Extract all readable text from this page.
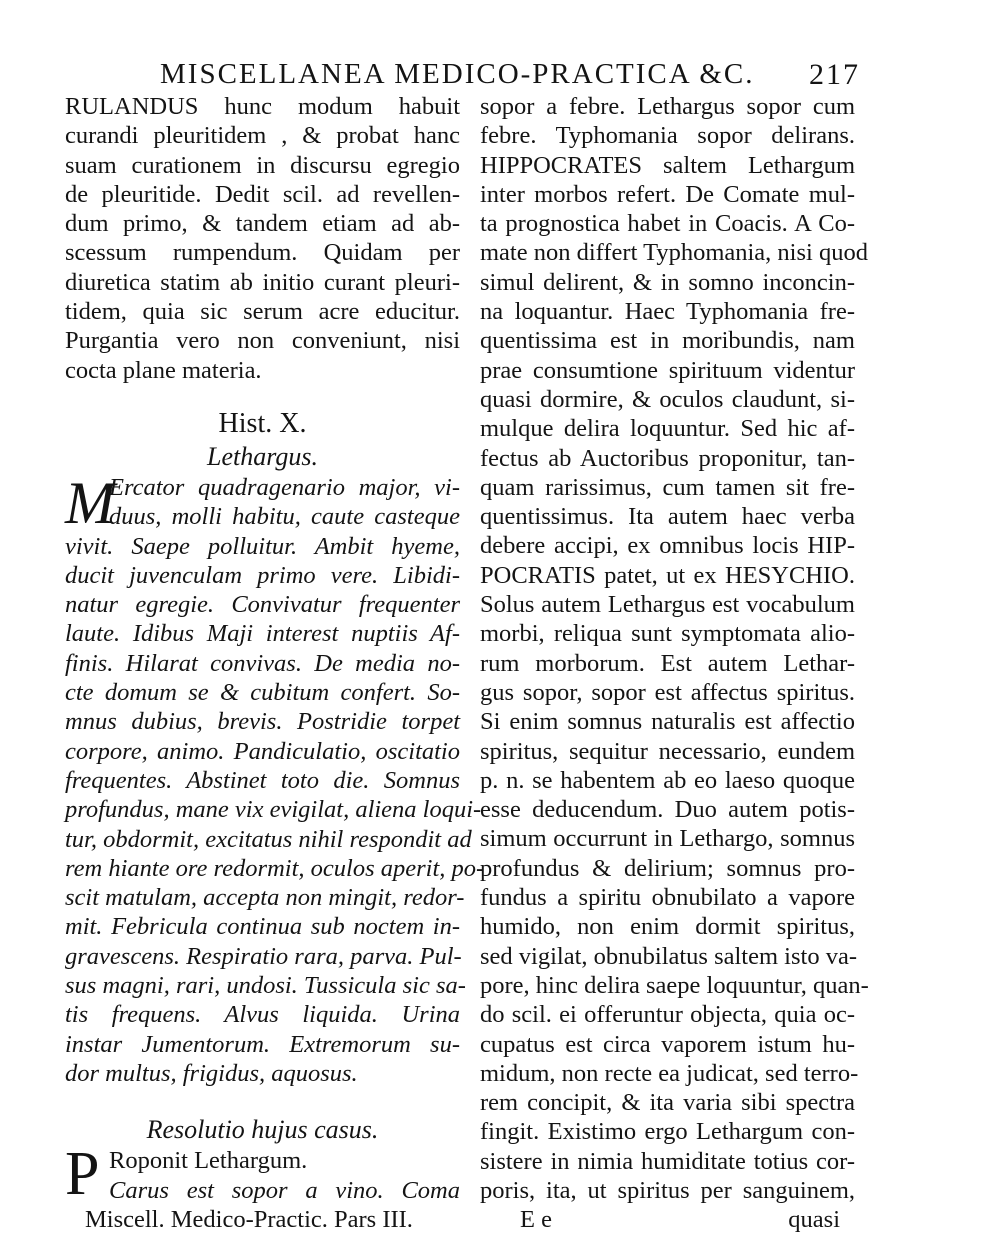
MISCELLANEA MEDICO-PRACTICA &C. 217
RULANDUS hunc modum habuit
curandi pleuritidem , & probat hanc
suam curationem in discursu egregio
de pleuritide. Dedit scil. ad revellen-
dum primo, & tandem etiam ad ab-
scessum rumpendum. Quidam per
diuretica statim ab initio curant pleuri-
tidem, quia sic serum acre educitur.
Purgantia vero non conveniunt, nisi
cocta plane materia.
Hist. X.
Lethargus.
M
Ercator quadragenario major, vi-
duus, molli habitu, caute casteque
vivit. Saepe polluitur. Ambit hyeme,
ducit juvenculam primo vere. Libidi-
natur egregie. Convivatur frequenter
laute. Idibus Maji interest nuptiis Af-
finis. Hilarat convivas. De media no-
cte domum se & cubitum confert. So-
mnus dubius, brevis. Postridie torpet
corpore, animo. Pandiculatio, oscitatio
frequentes. Abstinet toto die. Somnus
profundus, mane vix evigilat, aliena loqui-
tur, obdormit, excitatus nihil respondit ad
rem hiante ore redormit, oculos aperit, po-
scit matulam, accepta non mingit, redor-
mit. Febricula continua sub noctem in-
gravescens. Respiratio rara, parva. Pul-
sus magni, rari, undosi. Tussicula sic sa-
tis frequens. Alvus liquida. Urina
instar Jumentorum. Extremorum su-
dor multus, frigidus, aquosus.
Resolutio hujus casus.
P Roponit Lethargum.
Carus est sopor a vino. Coma
Miscell. Medico-Practic. Pars III.
sopor a febre. Lethargus sopor cum
febre. Typhomania sopor delirans.
HIPPOCRATES saltem Lethargum
inter morbos refert. De Comate mul-
ta prognostica habet in Coacis. A Co-
mate non differt Typhomania, nisi quod
simul delirent, & in somno inconcin-
na loquantur. Haec Typhomania fre-
quentissima est in moribundis, nam
prae consumtione spirituum videntur
quasi dormire, & oculos claudunt, si-
mulque delira loquuntur. Sed hic af-
fectus ab Auctoribus proponitur, tan-
quam rarissimus, cum tamen sit fre-
quentissimus. Ita autem haec verba
debere accipi, ex omnibus locis HIP-
POCRATIS patet, ut ex HESYCHIO.
Solus autem Lethargus est vocabulum
morbi, reliqua sunt symptomata alio-
rum morborum. Est autem Lethar-
gus sopor, sopor est affectus spiritus.
Si enim somnus naturalis est affectio
spiritus, sequitur necessario, eundem
p. n. se habentem ab eo laeso quoque
esse deducendum. Duo autem potis-
simum occurrunt in Lethargo, somnus
profundus & delirium; somnus pro-
fundus a spiritu obnubilato a vapore
humido, non enim dormit spiritus,
sed vigilat, obnubilatus saltem isto va-
pore, hinc delira saepe loquuntur, quan-
do scil. ei offeruntur objecta, quia oc-
cupatus est circa vaporem istum hu-
midum, non recte ea judicat, sed terro-
rem concipit, & ita varia sibi spectra
fingit. Existimo ergo Lethargum con-
sistere in nimia humiditate totius cor-
poris, ita, ut spiritus per sanguinem,
E e	quasi
